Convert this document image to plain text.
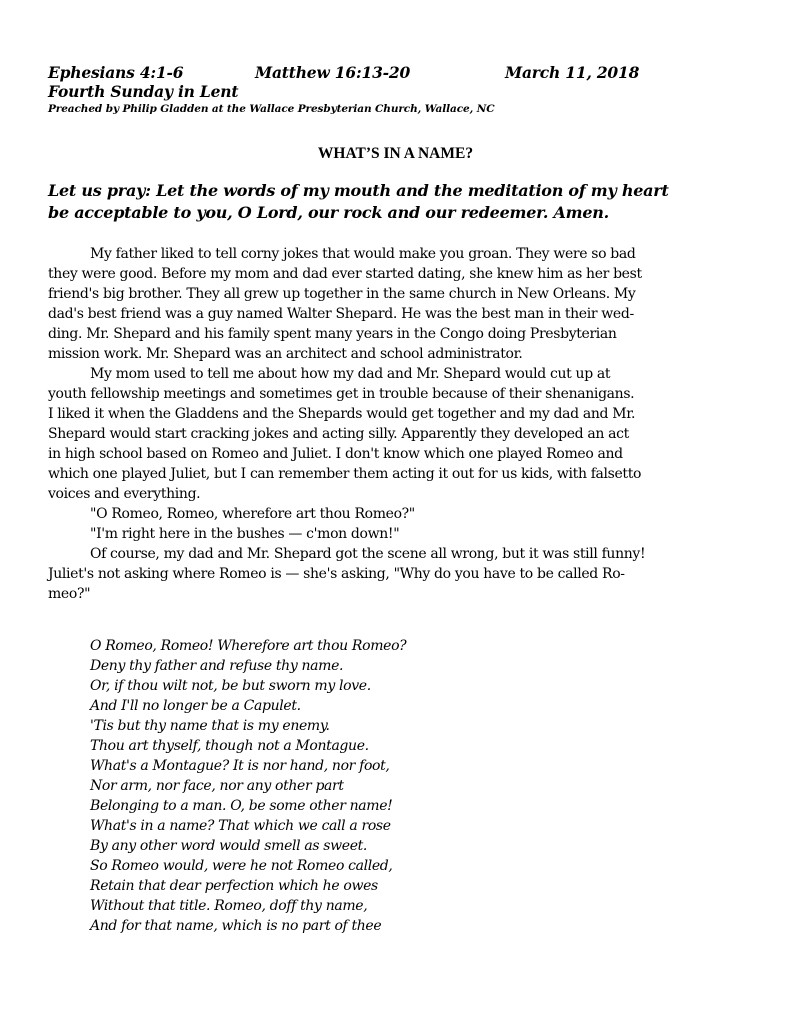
Ephesians 4:1-6	Matthew 16:13-20	March 11, 2018
Fourth Sunday in Lent
Preached by Philip Gladden at the Wallace Presbyterian Church, Wallace, NC
WHAT’S IN A NAME?
Let us pray: Let the words of my mouth and the meditation of my heart
be acceptable to you, O Lord, our rock and our redeemer. Amen.
My father liked to tell corny jokes that would make you groan. They were so bad
they were good. Before my mom and dad ever started dating, she knew him as her best
friend's big brother. They all grew up together in the same church in New Orleans. My
dad's best friend was a guy named Walter Shepard. He was the best man in their wed-
ding. Mr. Shepard and his family spent many years in the Congo doing Presbyterian
mission work. Mr. Shepard was an architect and school administrator.
My mom used to tell me about how my dad and Mr. Shepard would cut up at
youth fellowship meetings and sometimes get in trouble because of their shenanigans.
I liked it when the Gladdens and the Shepards would get together and my dad and Mr.
Shepard would start cracking jokes and acting silly. Apparently they developed an act
in high school based on Romeo and Juliet. I don't know which one played Romeo and
which one played Juliet, but I can remember them acting it out for us kids, with falsetto
voices and everything.
"O Romeo, Romeo, wherefore art thou Romeo?"
"I'm right here in the bushes — c'mon down!"
Of course, my dad and Mr. Shepard got the scene all wrong, but it was still funny!
Juliet's not asking where Romeo is — she's asking, "Why do you have to be called Ro-
meo?"
O Romeo, Romeo! Wherefore art thou Romeo?
Deny thy father and refuse thy name.
Or, if thou wilt not, be but sworn my love.
And I'll no longer be a Capulet.
'Tis but thy name that is my enemy.
Thou art thyself, though not a Montague.
What's a Montague? It is nor hand, nor foot,
Nor arm, nor face, nor any other part
Belonging to a man. O, be some other name!
What's in a name? That which we call a rose
By any other word would smell as sweet.
So Romeo would, were he not Romeo called,
Retain that dear perfection which he owes
Without that title. Romeo, doff thy name,
And for that name, which is no part of thee
